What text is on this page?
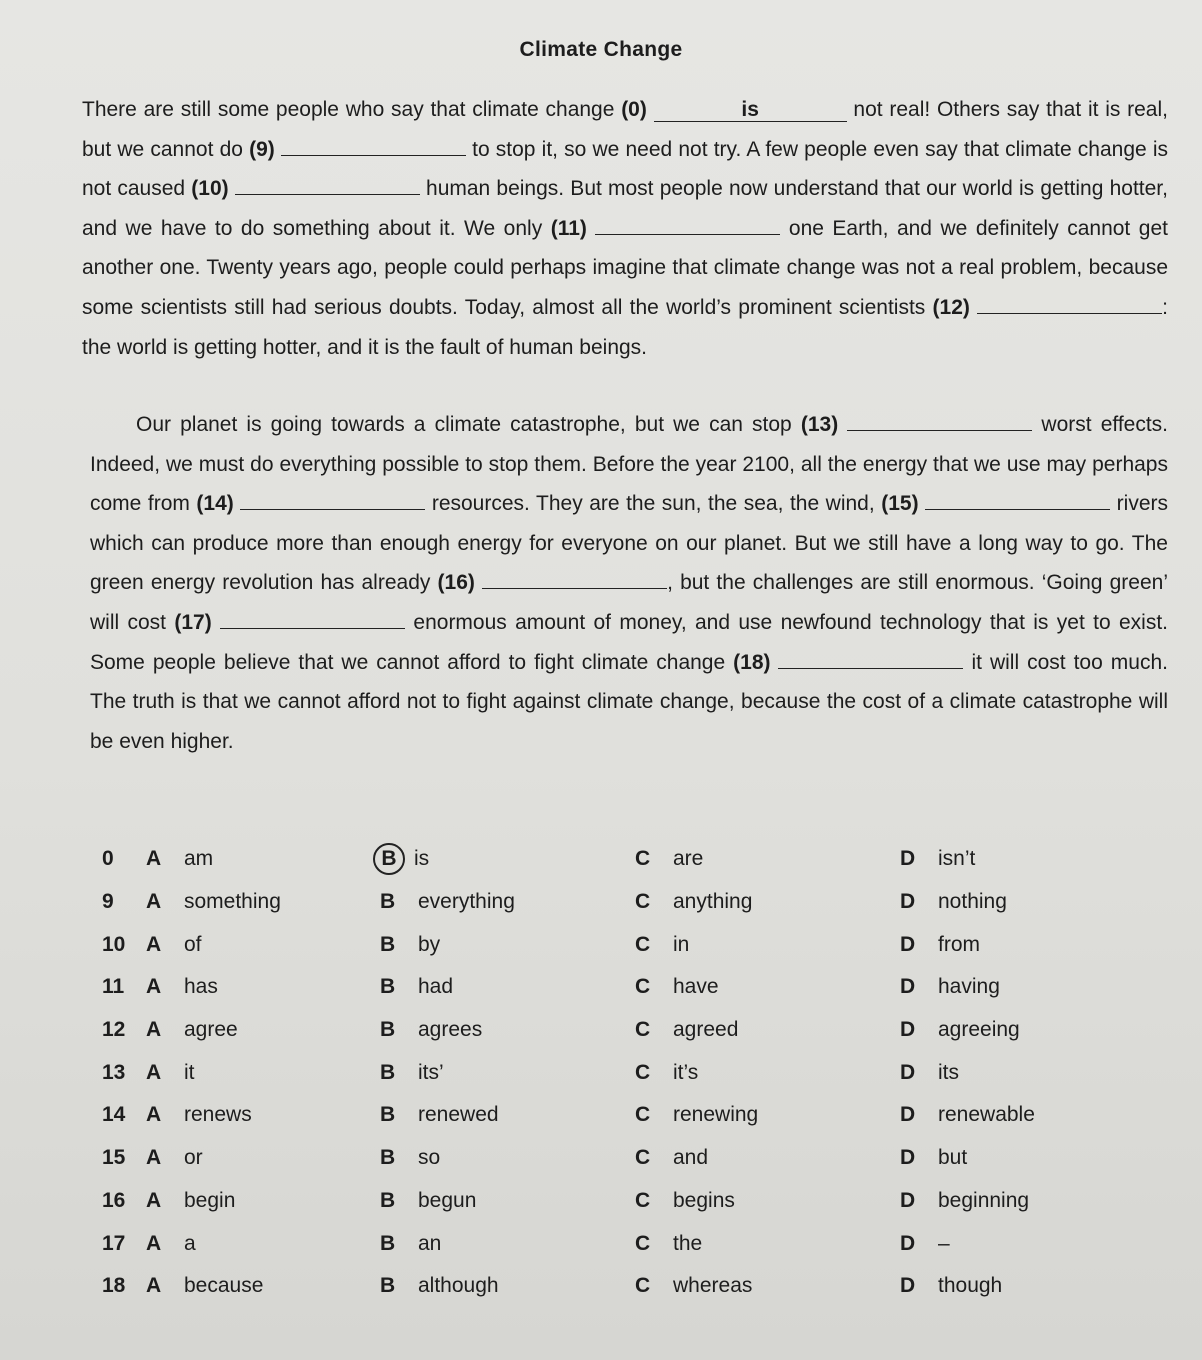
Climate Change
There are still some people who say that climate change (0)	is	not real! Others say that it is real, but we cannot do (9)	to stop it, so we need not try. A few people even say that climate change is not caused (10)	human beings. But most people now understand that our world is getting hotter, and we have to do something about it. We only (11)	one Earth, and we definitely cannot get another one. Twenty years ago, people could perhaps imagine that climate change was not a real problem, because some scientists still had serious doubts. Today, almost all the world’s prominent scientists (12)	: the world is getting hotter, and it is the fault of human beings.
Our planet is going towards a climate catastrophe, but we can stop (13)	worst effects. Indeed, we must do everything possible to stop them. Before the year 2100, all the energy that we use may perhaps come from (14)	resources. They are the sun, the sea, the wind, (15)	rivers which can produce more than enough energy for everyone on our planet. But we still have a long way to go. The green energy revolution has already (16)	, but the challenges are still enormous. ‘Going green’ will cost (17)	enormous amount of money, and use newfound technology that is yet to exist. Some people believe that we cannot afford to fight climate change (18)	it will cost too much. The truth is that we cannot afford not to fight against climate change, because the cost of a climate catastrophe will be even higher.
0	A	am	B is	C	are	D	isn’t
9	A	something	B	everything	C	anything	D	nothing
10 A	of	B	by	C	in	D	from
11	A	has	B	had	C	have	D	having
12 A	agree	B	agrees	C	agreed	D	agreeing
13 A	it	B	its’	C	it’s	D	its
14 A	renews	B	renewed	C	renewing	D	renewable
15 A	or	B	so	C	and	D	but
16 A	begin	B	begun	C	begins	D	beginning
17 A	a	B	an	C	the	D	–
18 A	because	B	although	C	whereas	D	though
